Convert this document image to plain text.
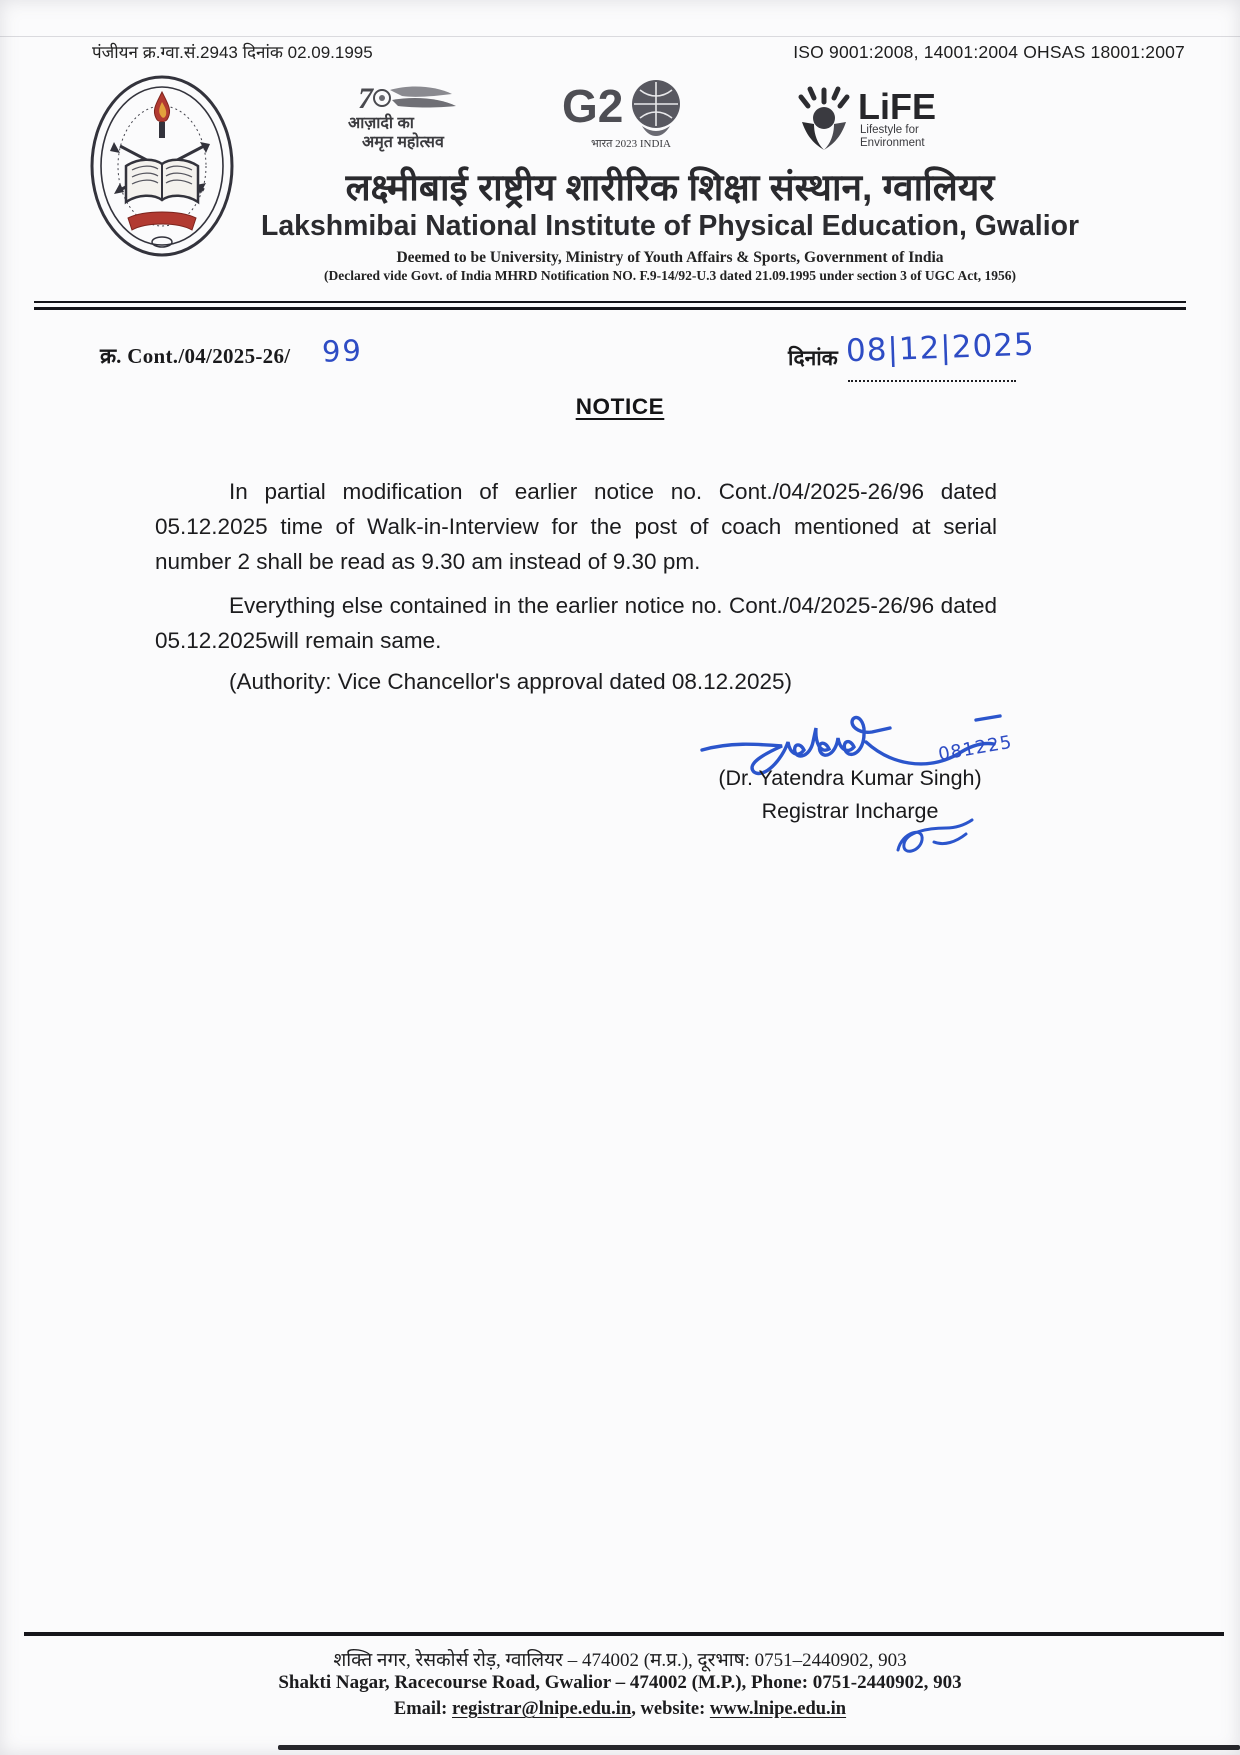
पंजीयन क्र.ग्वा.सं.2943 दिनांक 02.09.1995	ISO 9001:2008, 14001:2004 OHSAS 18001:2007
7
आज़ादी का
अमृत महोत्सव
G2
भारत 2023 INDIA
LiFE
Lifestyle for
Environment
लक्ष्मीबाई राष्ट्रीय शारीरिक शिक्षा संस्थान, ग्वालियर
Lakshmibai National Institute of Physical Education, Gwalior
Deemed to be University, Ministry of Youth Affairs & Sports, Government of India
(Declared vide Govt. of India MHRD Notification NO. F.9-14/92-U.3 dated 21.09.1995 under section 3 of UGC Act, 1956)
क्र. Cont./04/2025-26/ 99	दिनांक 08|12|2025
NOTICE
In partial modification of earlier notice no. Cont./04/2025-26/96 dated 05.12.2025 time of Walk-in-Interview for the post of coach mentioned at serial number 2 shall be read as 9.30 am instead of 9.30 pm.
Everything else contained in the earlier notice no. Cont./04/2025-26/96 dated 05.12.2025will remain same.
(Authority: Vice Chancellor's approval dated 08.12.2025)
081225
(Dr. Yatendra Kumar Singh)
Registrar Incharge
शक्ति नगर, रेसकोर्स रोड़, ग्वालियर – 474002 (म.प्र.), दूरभाष: 0751–2440902, 903
Shakti Nagar, Racecourse Road, Gwalior – 474002 (M.P.), Phone: 0751-2440902, 903
Email: registrar@lnipe.edu.in, website: www.lnipe.edu.in
